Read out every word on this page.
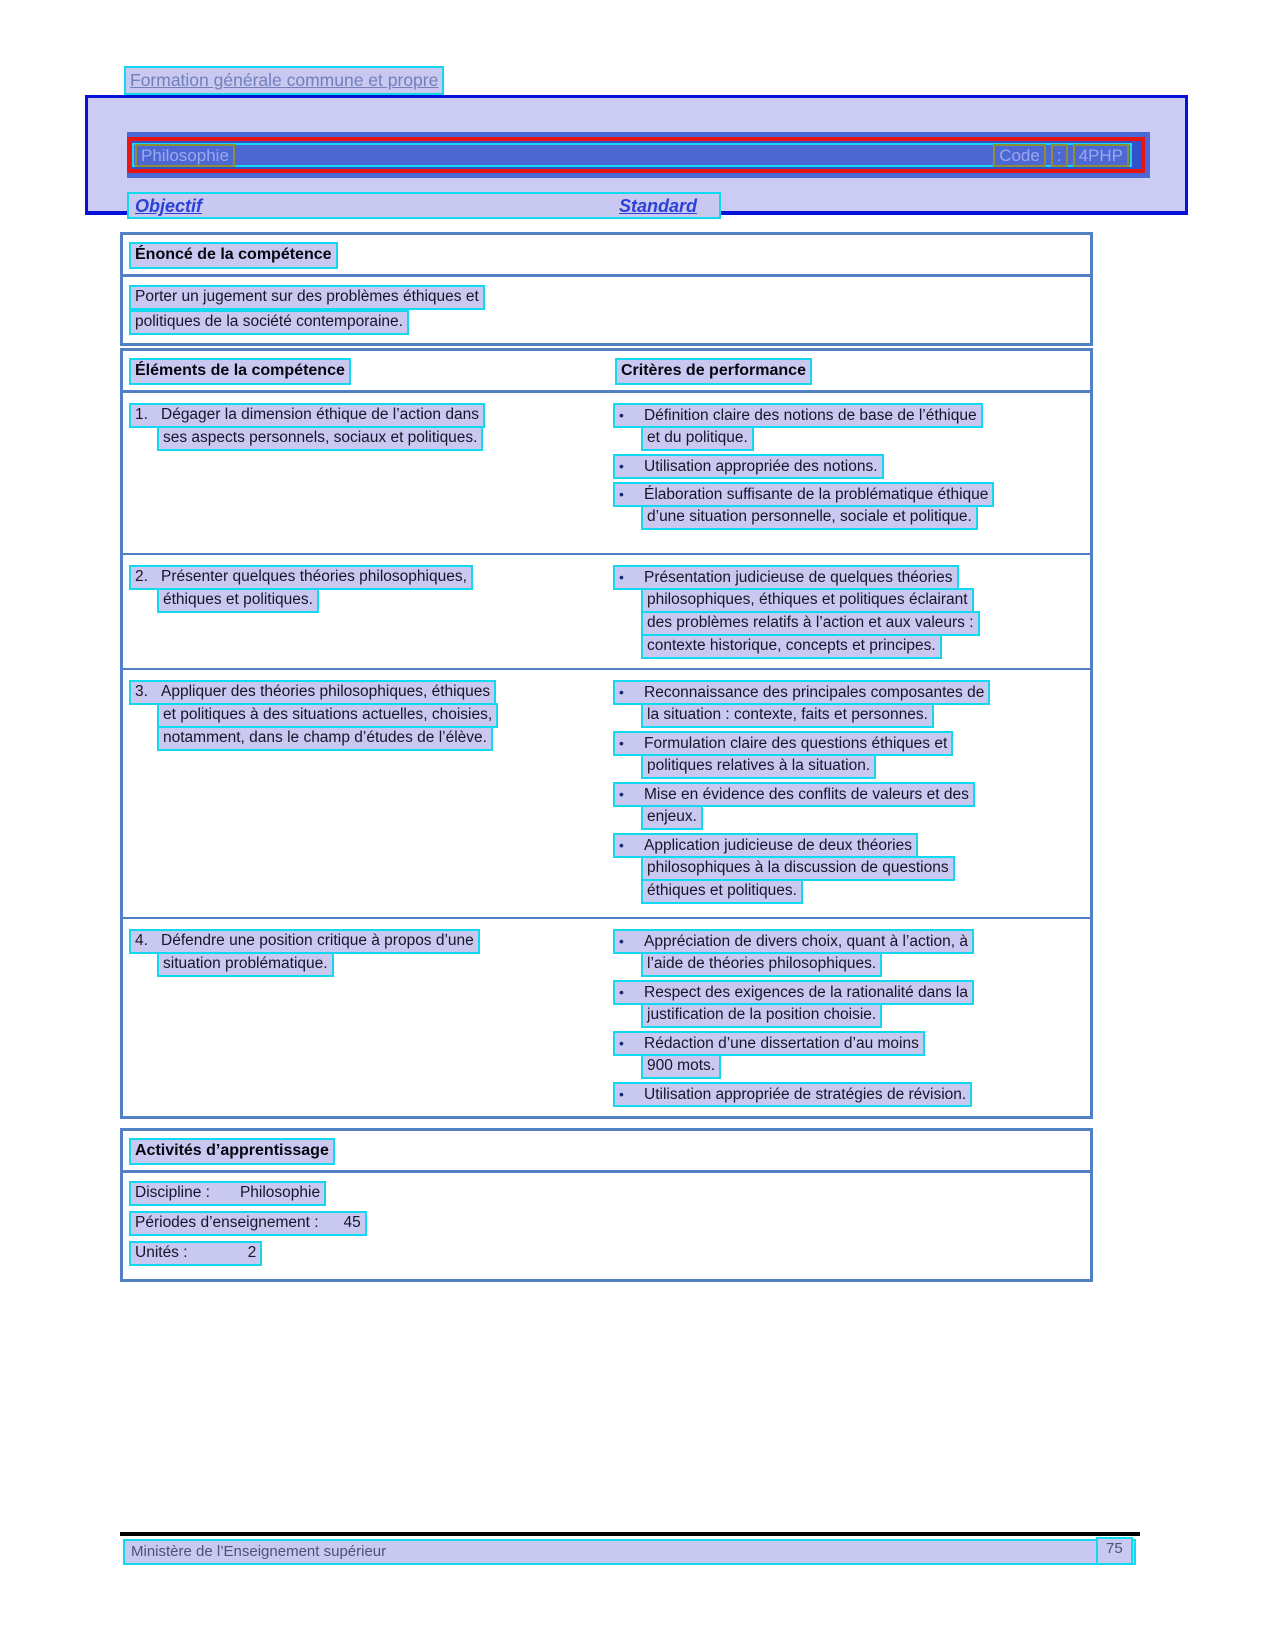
Formation générale commune et propre
Philosophie	Code	:	4PHP
Objectif	Standard
Énoncé de la compétence
Porter un jugement sur des problèmes éthiques et
politiques de la société contemporaine.
Éléments de la compétence	Critères de performance
1. Dégager la dimension éthique de l’action dans
ses aspects personnels, sociaux et politiques.
• Définition claire des notions de base de l’éthique
et du politique.
• Utilisation appropriée des notions.
• Élaboration suffisante de la problématique éthique
d’une situation personnelle, sociale et politique.
2. Présenter quelques théories philosophiques,
éthiques et politiques.
• Présentation judicieuse de quelques théories
philosophiques, éthiques et politiques éclairant
des problèmes relatifs à l’action et aux valeurs :
contexte historique, concepts et principes.
3. Appliquer des théories philosophiques, éthiques
et politiques à des situations actuelles, choisies,
notamment, dans le champ d’études de l’élève.
• Reconnaissance des principales composantes de
la situation : contexte, faits et personnes.
• Formulation claire des questions éthiques et
politiques relatives à la situation.
• Mise en évidence des conflits de valeurs et des
enjeux.
• Application judicieuse de deux théories
philosophiques à la discussion de questions
éthiques et politiques.
4. Défendre une position critique à propos d’une
situation problématique.
• Appréciation de divers choix, quant à l’action, à
l’aide de théories philosophiques.
• Respect des exigences de la rationalité dans la
justification de la position choisie.
• Rédaction d’une dissertation d’au moins
900 mots.
• Utilisation appropriée de stratégies de révision.
Activités d’apprentissage
Discipline : Philosophie
Périodes d’enseignement : 45
Unités :	2
Ministère de l’Enseignement supérieur	75
